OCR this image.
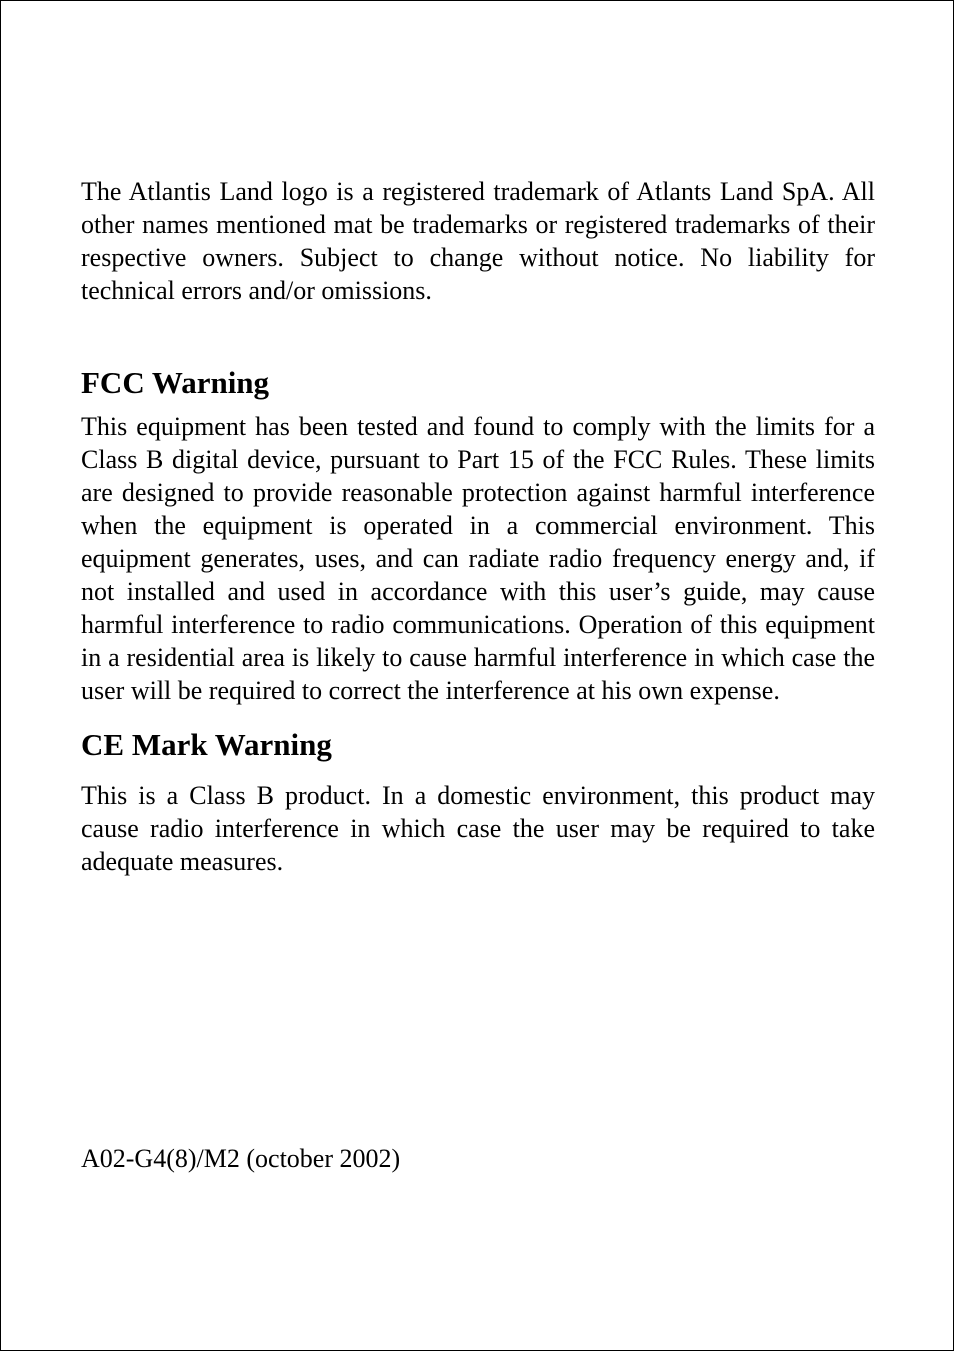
The Atlantis Land logo is a registered trademark of Atlants Land SpA. All other names mentioned mat be trademarks or registered trademarks of their respective owners. Subject to change without notice. No liability for technical errors and/or omissions.

FCC Warning

This equipment has been tested and found to comply with the limits for a Class B digital device, pursuant to Part 15 of the FCC Rules. These limits are designed to provide reasonable protection against harmful interference when the equipment is operated in a commercial environment. This equipment generates, uses, and can radiate radio frequency energy and, if not installed and used in accordance with this user’s guide, may cause harmful interference to radio communications. Operation of this equipment in a residential area is likely to cause harmful interference in which case the user will be required to correct the interference at his own expense.

CE Mark Warning

This is a Class B product. In a domestic environment, this product may cause radio interference in which case the user may be required to take adequate measures.

A02-G4(8)/M2 (october 2002)
